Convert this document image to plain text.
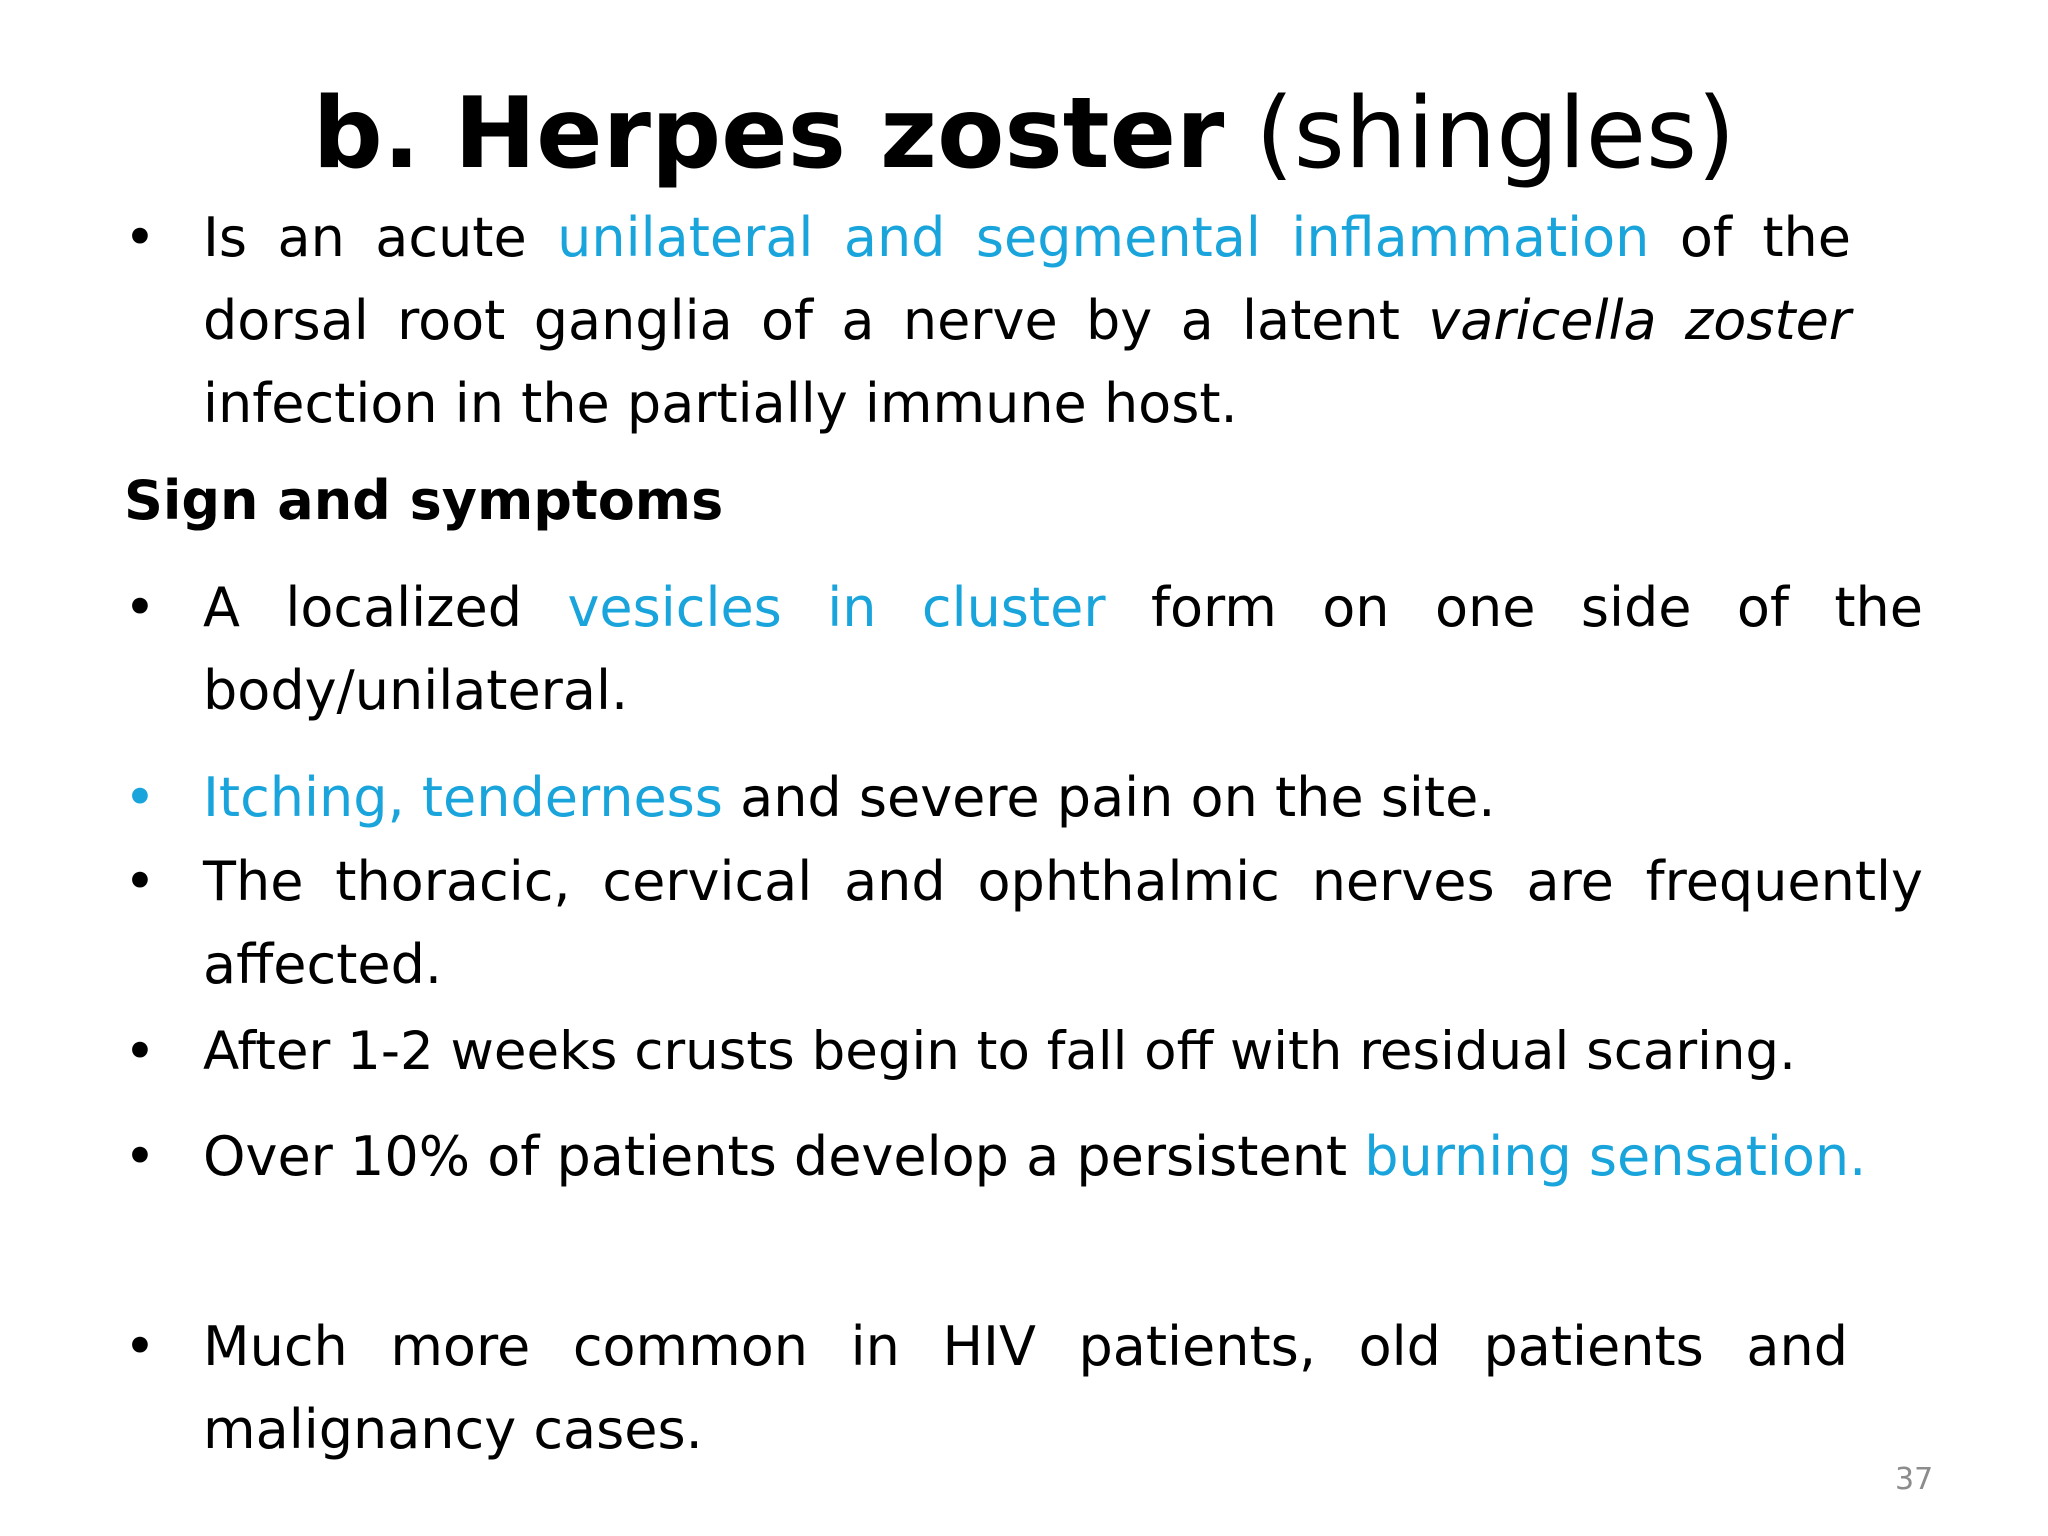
b. Herpes zoster (shingles)
• Is an acute unilateral and segmental inflammation of the dorsal root ganglia of a nerve by a latent varicella zoster infection in the partially immune host.
Sign and symptoms
• A localized vesicles in cluster form on one side of the body/unilateral.
• Itching, tenderness and severe pain on the site.
• The thoracic, cervical and ophthalmic nerves are frequently affected.
• After 1-2 weeks crusts begin to fall off with residual scaring.
• Over 10% of patients develop a persistent burning sensation.
• Much more common in HIV patients, old patients and malignancy cases.
37
